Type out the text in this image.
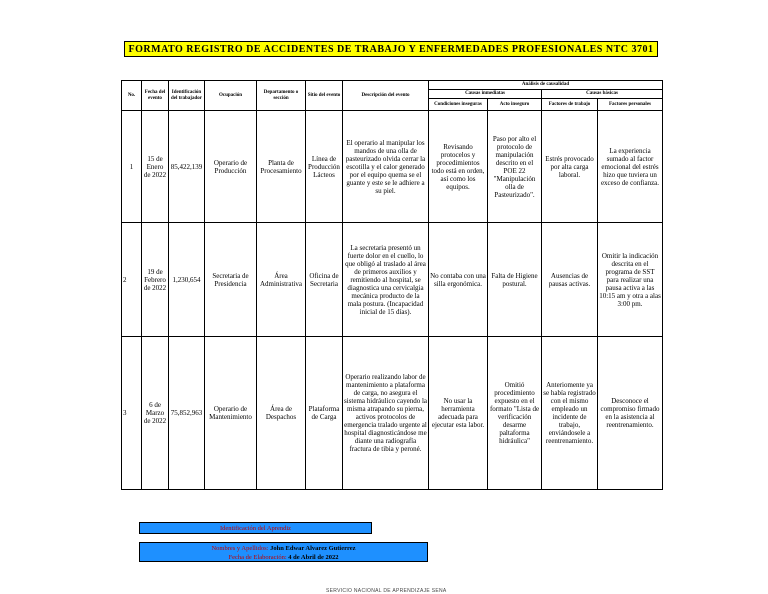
FORMATO REGISTRO DE ACCIDENTES DE TRABAJO Y ENFERMEDADES PROFESIONALES NTC 3701
No.	Fecha del evento	Identificación del trabajador	Ocupación	Departamento o sección	Sitio del evento	Descripción del evento	Análisis de causalidad			
							Causas inmediatas		Causas básicas	
							Condiciones inseguras	Acto inseguro	Factores de trabajo	Factores personales
1	15 de Enero de 2022	85,422,139	Operario de Producción	Planta de Procesamiento	Línea de Producción Lácteos	El operario al manipular los mandos de una olla de pasteurizado olvida cerrar la escotilla y el calor generado por el equipo quema se el guante y este se le adhiere a su piel.	Revisando protocelos y procedimientos todo está en orden, así como los equipos.	Paso por alto el protocolo de manipulación descrito en el POE 22 "Manipulación olla de Pasteurizado".	Estrés provocado por alta carga laboral.	La experiencia sumado al factor emocional del estrés hizo que tuviera un exceso de confianza.
2	19 de Febrero de 2022	1,230,654	Secretaria de Presidencia	Área Administrativa	Oficina de Secretaria	La secretaria presentó un fuerte dolor en el cuello, lo que obligó al traslado al área de primeros auxilios y remitiendo al hospital, se diagnostica una cervicalgia mecánica producto de la mala postura. (Incapacidad inicial de 15 días).	No contaba con una silla ergonómica.	Falta de Higiene postural.	Ausencias de pausas activas.	Omitir la indicación descrita en el programa de SST para realizar una pausa activa a las 10:15 am y otra a alas 3:00 pm.
3	6 de Marzo de 2022	75,852,963	Operario de Mantenimiento	Área de Despachos	Plataforma de Carga	Operario realizando labor de mantenimiento a plataforma de carga, no asegura el sistema hidráulico cayendo la misma atrapando su pierna, activos protocolos de emergencia tralado urgente al hospital diagnosticándose me diante una radiografía fractura de tibia y peroné.	No usar la herramienta adecuada para ejecutar esta labor.	Omitió procedimiento expuesto en el formato "Lista de verificación desarme paltaforma hidráulica"	Anteriomente ya se había registrado con el mismo empleado un incidente de trabajo, enviándosele a reentrenamiento.	Desconoce el compromiso firmado en la asistencia al reentrenamiento.
Identificación del Aprendiz
Nombres y Apellidos: John Edwar Alvarez Gutierrez
Fecha de Elaboración: 4 de Abril de 2022
SERVICIO NACIONAL DE APRENDIZAJE SENA
